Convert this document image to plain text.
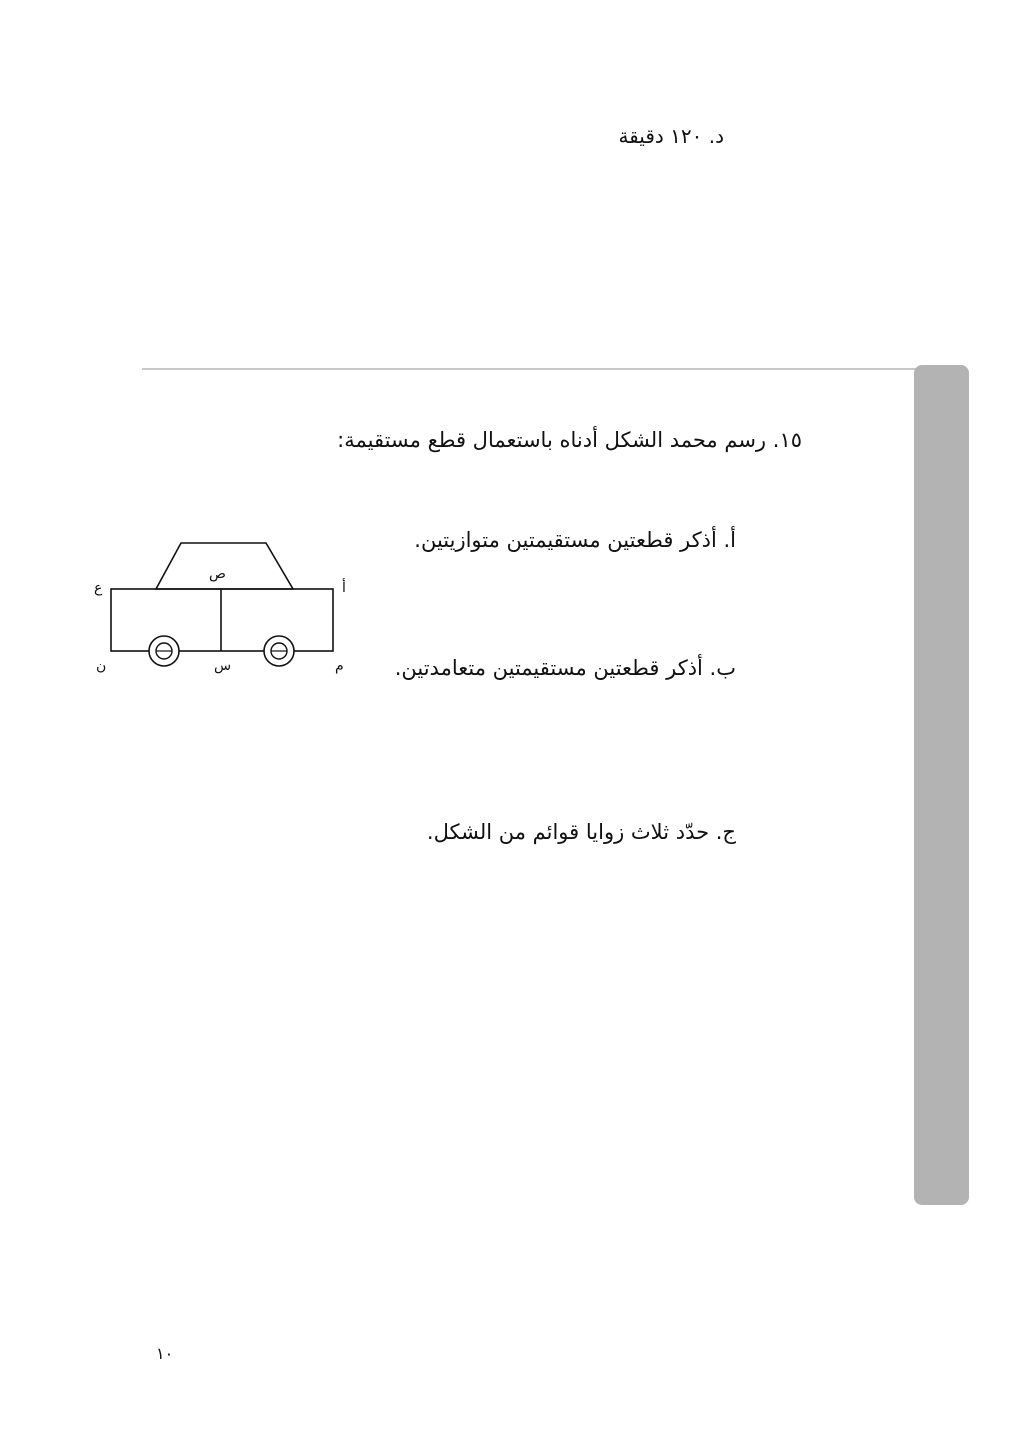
د. ١٢٠ دقيقة
١٥. رسم محمد الشكل أدناه باستعمال قطع مستقيمة:
أ. أذكر قطعتين مستقيمتين متوازيتين.
ب. أذكر قطعتين مستقيمتين متعامدتين.
ج. حدّد ثلاث زوايا قوائم من الشكل.
ع
ص
أ
ن	س	م
١٠
